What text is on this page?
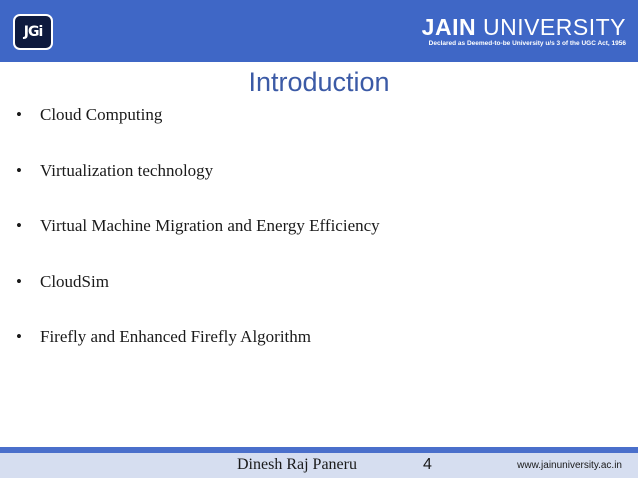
JGi	JAIN UNIVERSITY
Declared as Deemed-to-be University u/s 3 of the UGC Act, 1956
Introduction
•	Cloud Computing
•	Virtualization technology
•	Virtual Machine Migration and Energy Efficiency
•	CloudSim
•	Firefly and Enhanced Firefly Algorithm
Dinesh Raj Paneru	4	www.jainuniversity.ac.in
